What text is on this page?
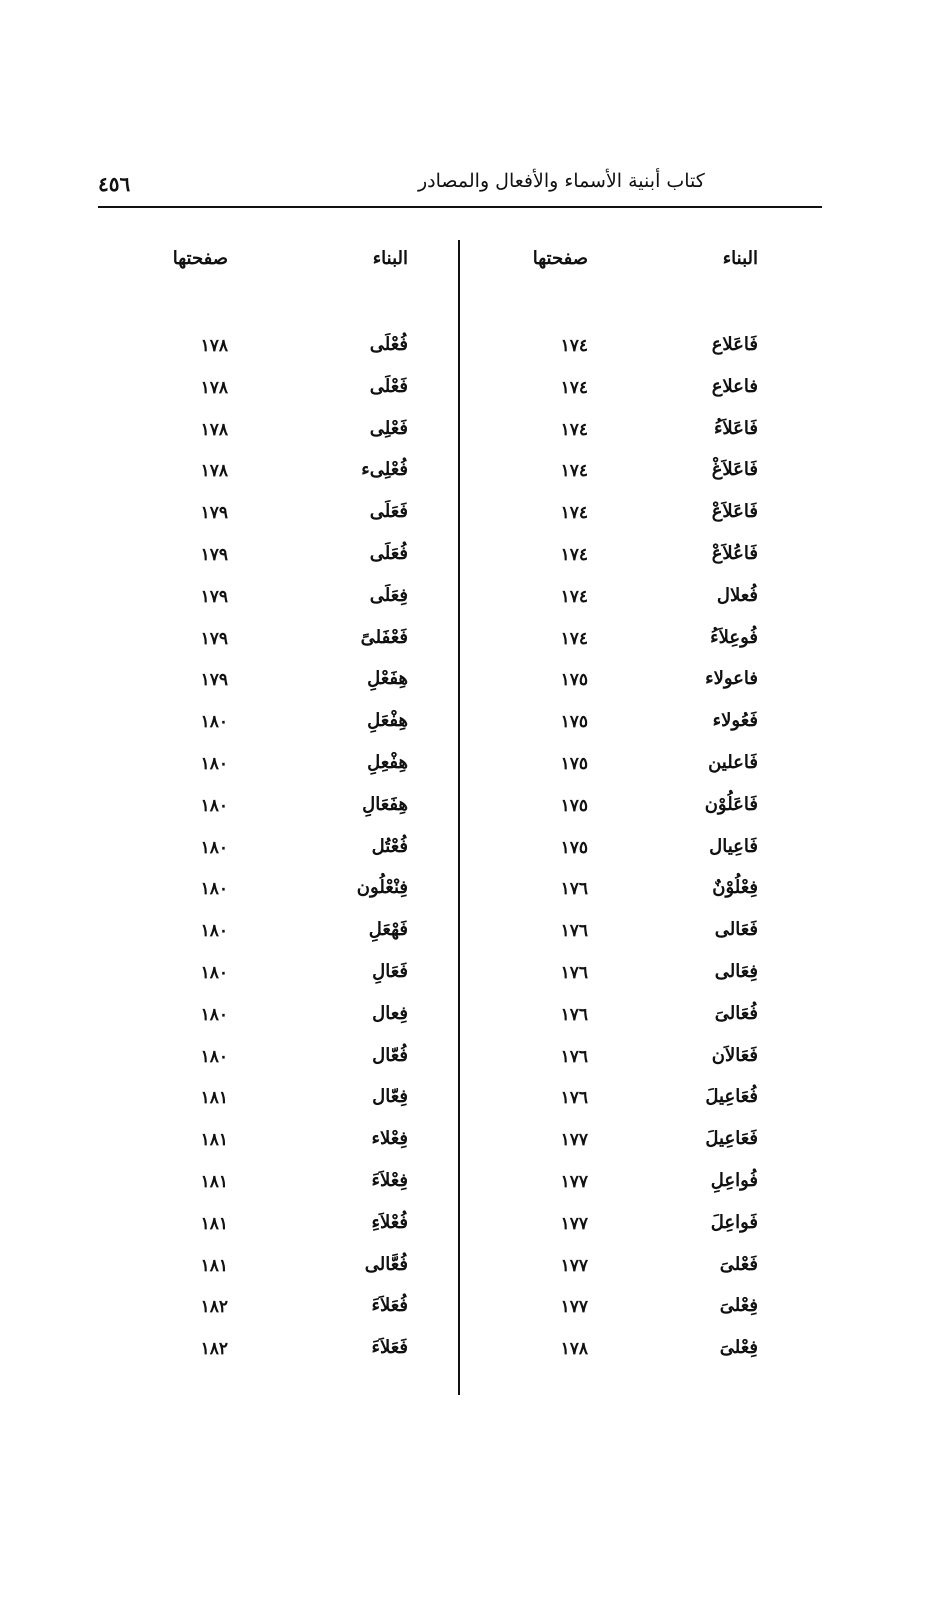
٤٥٦	كتاب أبنية الأسماء والأفعال والمصادر
البناء
صفحتها
فَاعَلاع
١٧٤
فاعلاع
١٧٤
فَاعَلاَءُ
١٧٤
فَاعَلاَغْ
١٧٤
فَاعَلاَعْ
١٧٤
فَاعُلاَعْ
١٧٤
فُعلال
١٧٤
فُوعِلاَءُ
١٧٤
فاعولاء
١٧٥
فَعُولاء
١٧٥
فَاعلين
١٧٥
فَاعَلُوْن
١٧٥
فَاعِيال
١٧٥
فِعْلُوْنٌ
١٧٦
فَعَالى
١٧٦
فِعَالى
١٧٦
فُعَالىَ
١٧٦
فَعَالاَن
١٧٦
فُعَاعِيلَ
١٧٦
فَعَاعِيلَ
١٧٧
فُواعِلِ
١٧٧
فَواعِلَ
١٧٧
فَعْلىَ
١٧٧
فِعْلىَ
١٧٧
فِعْلىَ
١٧٨
البناء
صفحتها
فُعْلَى
١٧٨
فَعْلَى
١٧٨
فَعْلِى
١٧٨
فُعْلِىء
١٧٨
فَعَلَى
١٧٩
فُعَلَى
١٧٩
فِعَلَى
١٧٩
فَعْفَلىً
١٧٩
هِفَعْلِ
١٧٩
هِفْعَلِ
١٨٠
هِفْعِلِ
١٨٠
هِفَعَالِ
١٨٠
فُعْتُل
١٨٠
فِنْعْلُون
١٨٠
فَهْعَلِ
١٨٠
فَعَالِ
١٨٠
فِعال
١٨٠
فُعّال
١٨٠
فِعّال
١٨١
فِعْلاء
١٨١
فِعْلاَءَ
١٨١
فُعْلاَءِ
١٨١
فُعَّالى
١٨١
فُعَلاَءَ
١٨٢
فَعَلاَءَ
١٨٢
